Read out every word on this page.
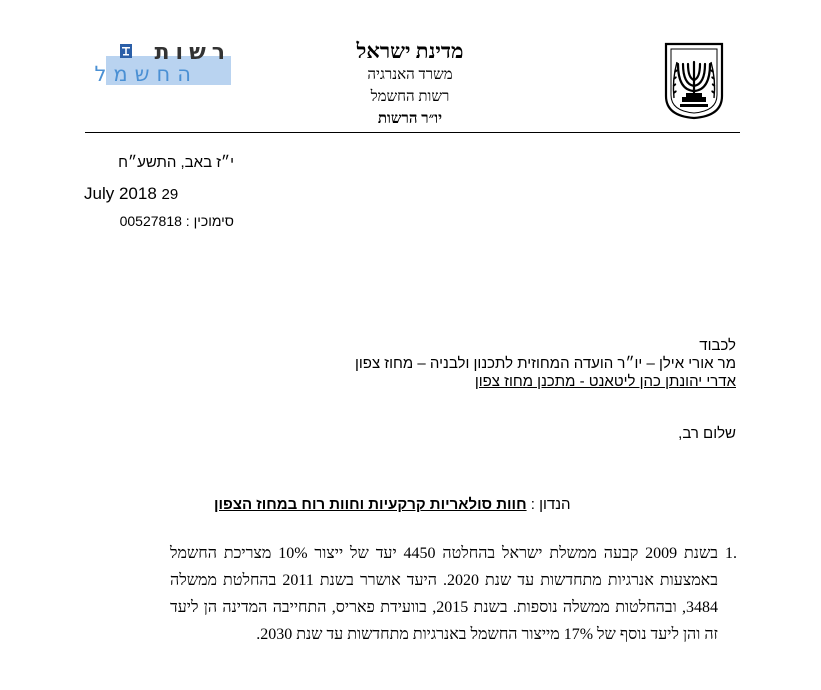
רשות
החשמל
מדינת ישראל
משרד האנרגיה
רשות החשמל
יו״ר הרשות
י״ז באב, התשע״ח
July 2018 29
סימוכין : 00527818
לכבוד
מר אורי אילן – יו״ר הועדה המחוזית לתכנון ולבניה – מחוז צפון
אדרי יהונתן כהן ליטאנט - מתכנן מחוז צפון
שלום רב,
הנדון : חוות סולאריות קרקעיות וחוות רוח במחוז הצפון
1.
בשנת 2009 קבעה ממשלת ישראל בהחלטה 4450 יעד של ייצור 10% מצריכת החשמל באמצעות אנרגיות מתחדשות עד שנת 2020. היעד אושרר בשנת 2011 בהחלטת ממשלה 3484, ובהחלטות ממשלה נוספות. בשנת 2015, בוועידת פאריס, התחייבה המדינה הן ליעד זה והן ליעד נוסף של 17% מייצור החשמל באנרגיות מתחדשות עד שנת 2030.
